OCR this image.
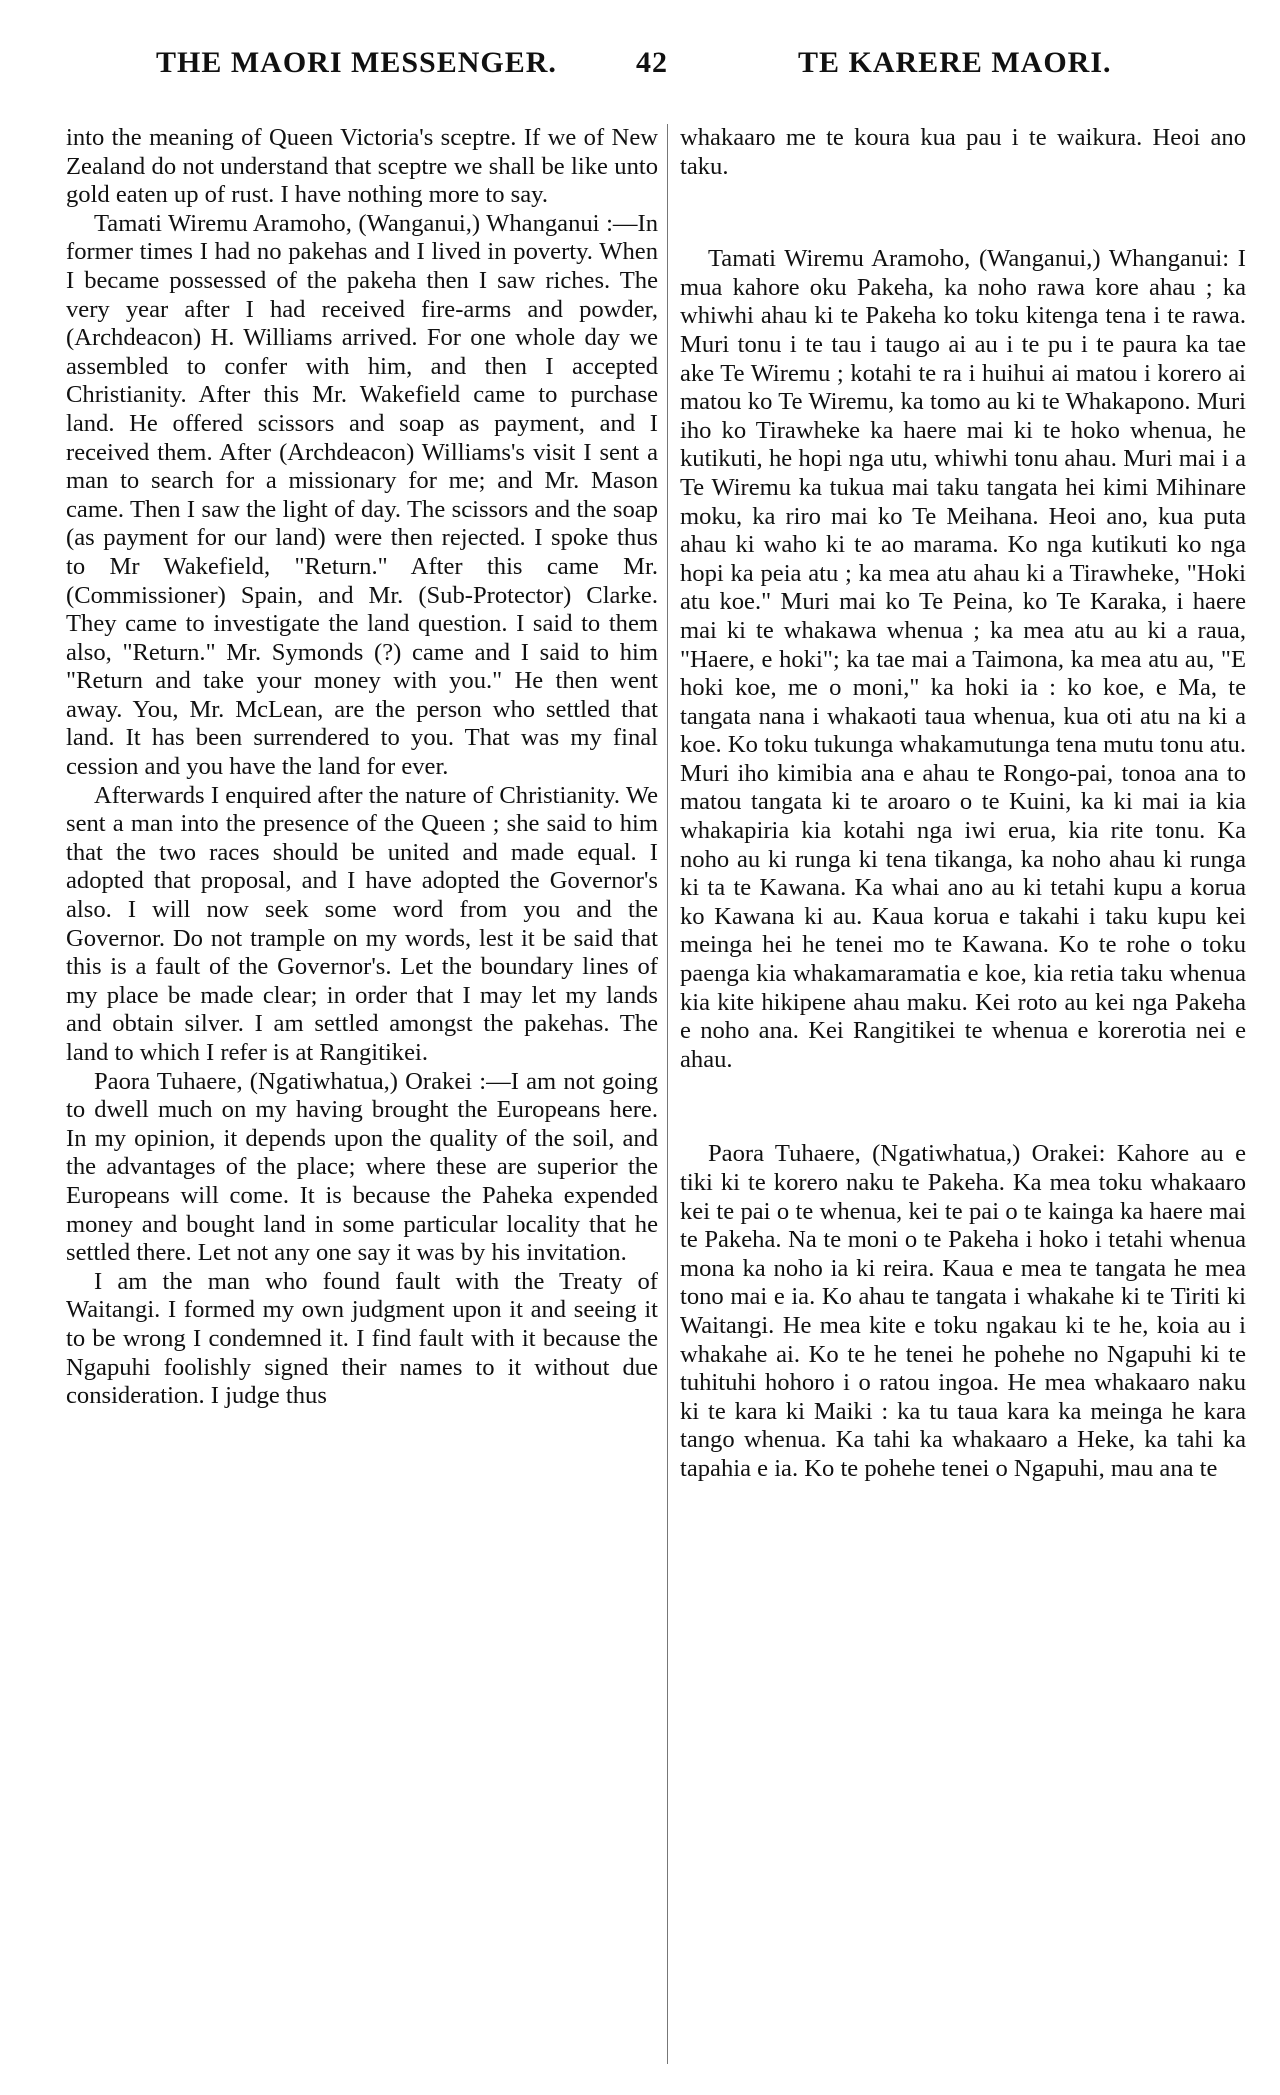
THE MAORI MESSENGER.	42	TE KARERE MAORI.

into the meaning of Queen Victoria's sceptre. If we of New Zealand do not understand that sceptre we shall be like unto gold eaten up of rust. I have nothing more to say.

Tamati Wiremu Aramoho, (Wanganui,) Whanganui :—In former times I had no pakehas and I lived in poverty. When I became possessed of the pakeha then I saw riches. The very year after I had received fire-arms and powder, (Archdeacon) H. Williams arrived. For one whole day we assembled to confer with him, and then I accepted Christianity. After this Mr. Wakefield came to purchase land. He offered scissors and soap as payment, and I received them. After (Archdeacon) Williams's visit I sent a man to search for a missionary for me; and Mr. Mason came. Then I saw the light of day. The scissors and the soap (as payment for our land) were then rejected. I spoke thus to Mr Wakefield, "Return." After this came Mr. (Commissioner) Spain, and Mr. (Sub-Protector) Clarke. They came to investigate the land question. I said to them also, "Return." Mr. Symonds (?) came and I said to him "Return and take your money with you." He then went away. You, Mr. McLean, are the person who settled that land. It has been surrendered to you. That was my final cession and you have the land for ever.

Afterwards I enquired after the nature of Christianity. We sent a man into the presence of the Queen ; she said to him that the two races should be united and made equal. I adopted that proposal, and I have adopted the Governor's also. I will now seek some word from you and the Governor. Do not trample on my words, lest it be said that this is a fault of the Governor's. Let the boundary lines of my place be made clear; in order that I may let my lands and obtain silver. I am settled amongst the pakehas. The land to which I refer is at Rangitikei.

Paora Tuhaere, (Ngatiwhatua,) Orakei :—I am not going to dwell much on my having brought the Europeans here. In my opinion, it depends upon the quality of the soil, and the advantages of the place; where these are superior the Europeans will come. It is because the Paheka expended money and bought land in some particular locality that he settled there. Let not any one say it was by his invitation.

I am the man who found fault with the Treaty of Waitangi. I formed my own judgment upon it and seeing it to be wrong I condemned it. I find fault with it because the Ngapuhi foolishly signed their names to it without due consideration. I judge thus

whakaaro me te koura kua pau i te waikura. Heoi ano taku.

Tamati Wiremu Aramoho, (Wanganui,) Whanganui: I mua kahore oku Pakeha, ka noho rawa kore ahau ; ka whiwhi ahau ki te Pakeha ko toku kitenga tena i te rawa. Muri tonu i te tau i taugo ai au i te pu i te paura ka tae ake Te Wiremu ; kotahi te ra i huihui ai matou i korero ai matou ko Te Wiremu, ka tomo au ki te Whakapono. Muri iho ko Tirawheke ka haere mai ki te hoko whenua, he kutikuti, he hopi nga utu, whiwhi tonu ahau. Muri mai i a Te Wiremu ka tukua mai taku tangata hei kimi Mihinare moku, ka riro mai ko Te Meihana. Heoi ano, kua puta ahau ki waho ki te ao marama. Ko nga kutikuti ko nga hopi ka peia atu ; ka mea atu ahau ki a Tirawheke, "Hoki atu koe." Muri mai ko Te Peina, ko Te Karaka, i haere mai ki te whakawa whenua ; ka mea atu au ki a raua, "Haere, e hoki"; ka tae mai a Taimona, ka mea atu au, "E hoki koe, me o moni," ka hoki ia : ko koe, e Ma, te tangata nana i whakaoti taua whenua, kua oti atu na ki a koe. Ko toku tukunga whakamutunga tena mutu tonu atu. Muri iho kimibia ana e ahau te Rongo-pai, tonoa ana to matou tangata ki te aroaro o te Kuini, ka ki mai ia kia whakapiria kia kotahi nga iwi erua, kia rite tonu. Ka noho au ki runga ki tena tikanga, ka noho ahau ki runga ki ta te Kawana. Ka whai ano au ki tetahi kupu a korua ko Kawana ki au. Kaua korua e takahi i taku kupu kei meinga hei he tenei mo te Kawana. Ko te rohe o toku paenga kia whakamaramatia e koe, kia retia taku whenua kia kite hikipene ahau maku. Kei roto au kei nga Pakeha e noho ana. Kei Rangitikei te whenua e korerotia nei e ahau.

Paora Tuhaere, (Ngatiwhatua,) Orakei: Kahore au e tiki ki te korero naku te Pakeha. Ka mea toku whakaaro kei te pai o te whenua, kei te pai o te kainga ka haere mai te Pakeha. Na te moni o te Pakeha i hoko i tetahi whenua mona ka noho ia ki reira. Kaua e mea te tangata he mea tono mai e ia. Ko ahau te tangata i whakahe ki te Tiriti ki Waitangi. He mea kite e toku ngakau ki te he, koia au i whakahe ai. Ko te he tenei he pohehe no Ngapuhi ki te tuhituhi hohoro i o ratou ingoa. He mea whakaaro naku ki te kara ki Maiki : ka tu taua kara ka meinga he kara tango whenua. Ka tahi ka whakaaro a Heke, ka tahi ka tapahia e ia. Ko te pohehe tenei o Ngapuhi, mau ana te
